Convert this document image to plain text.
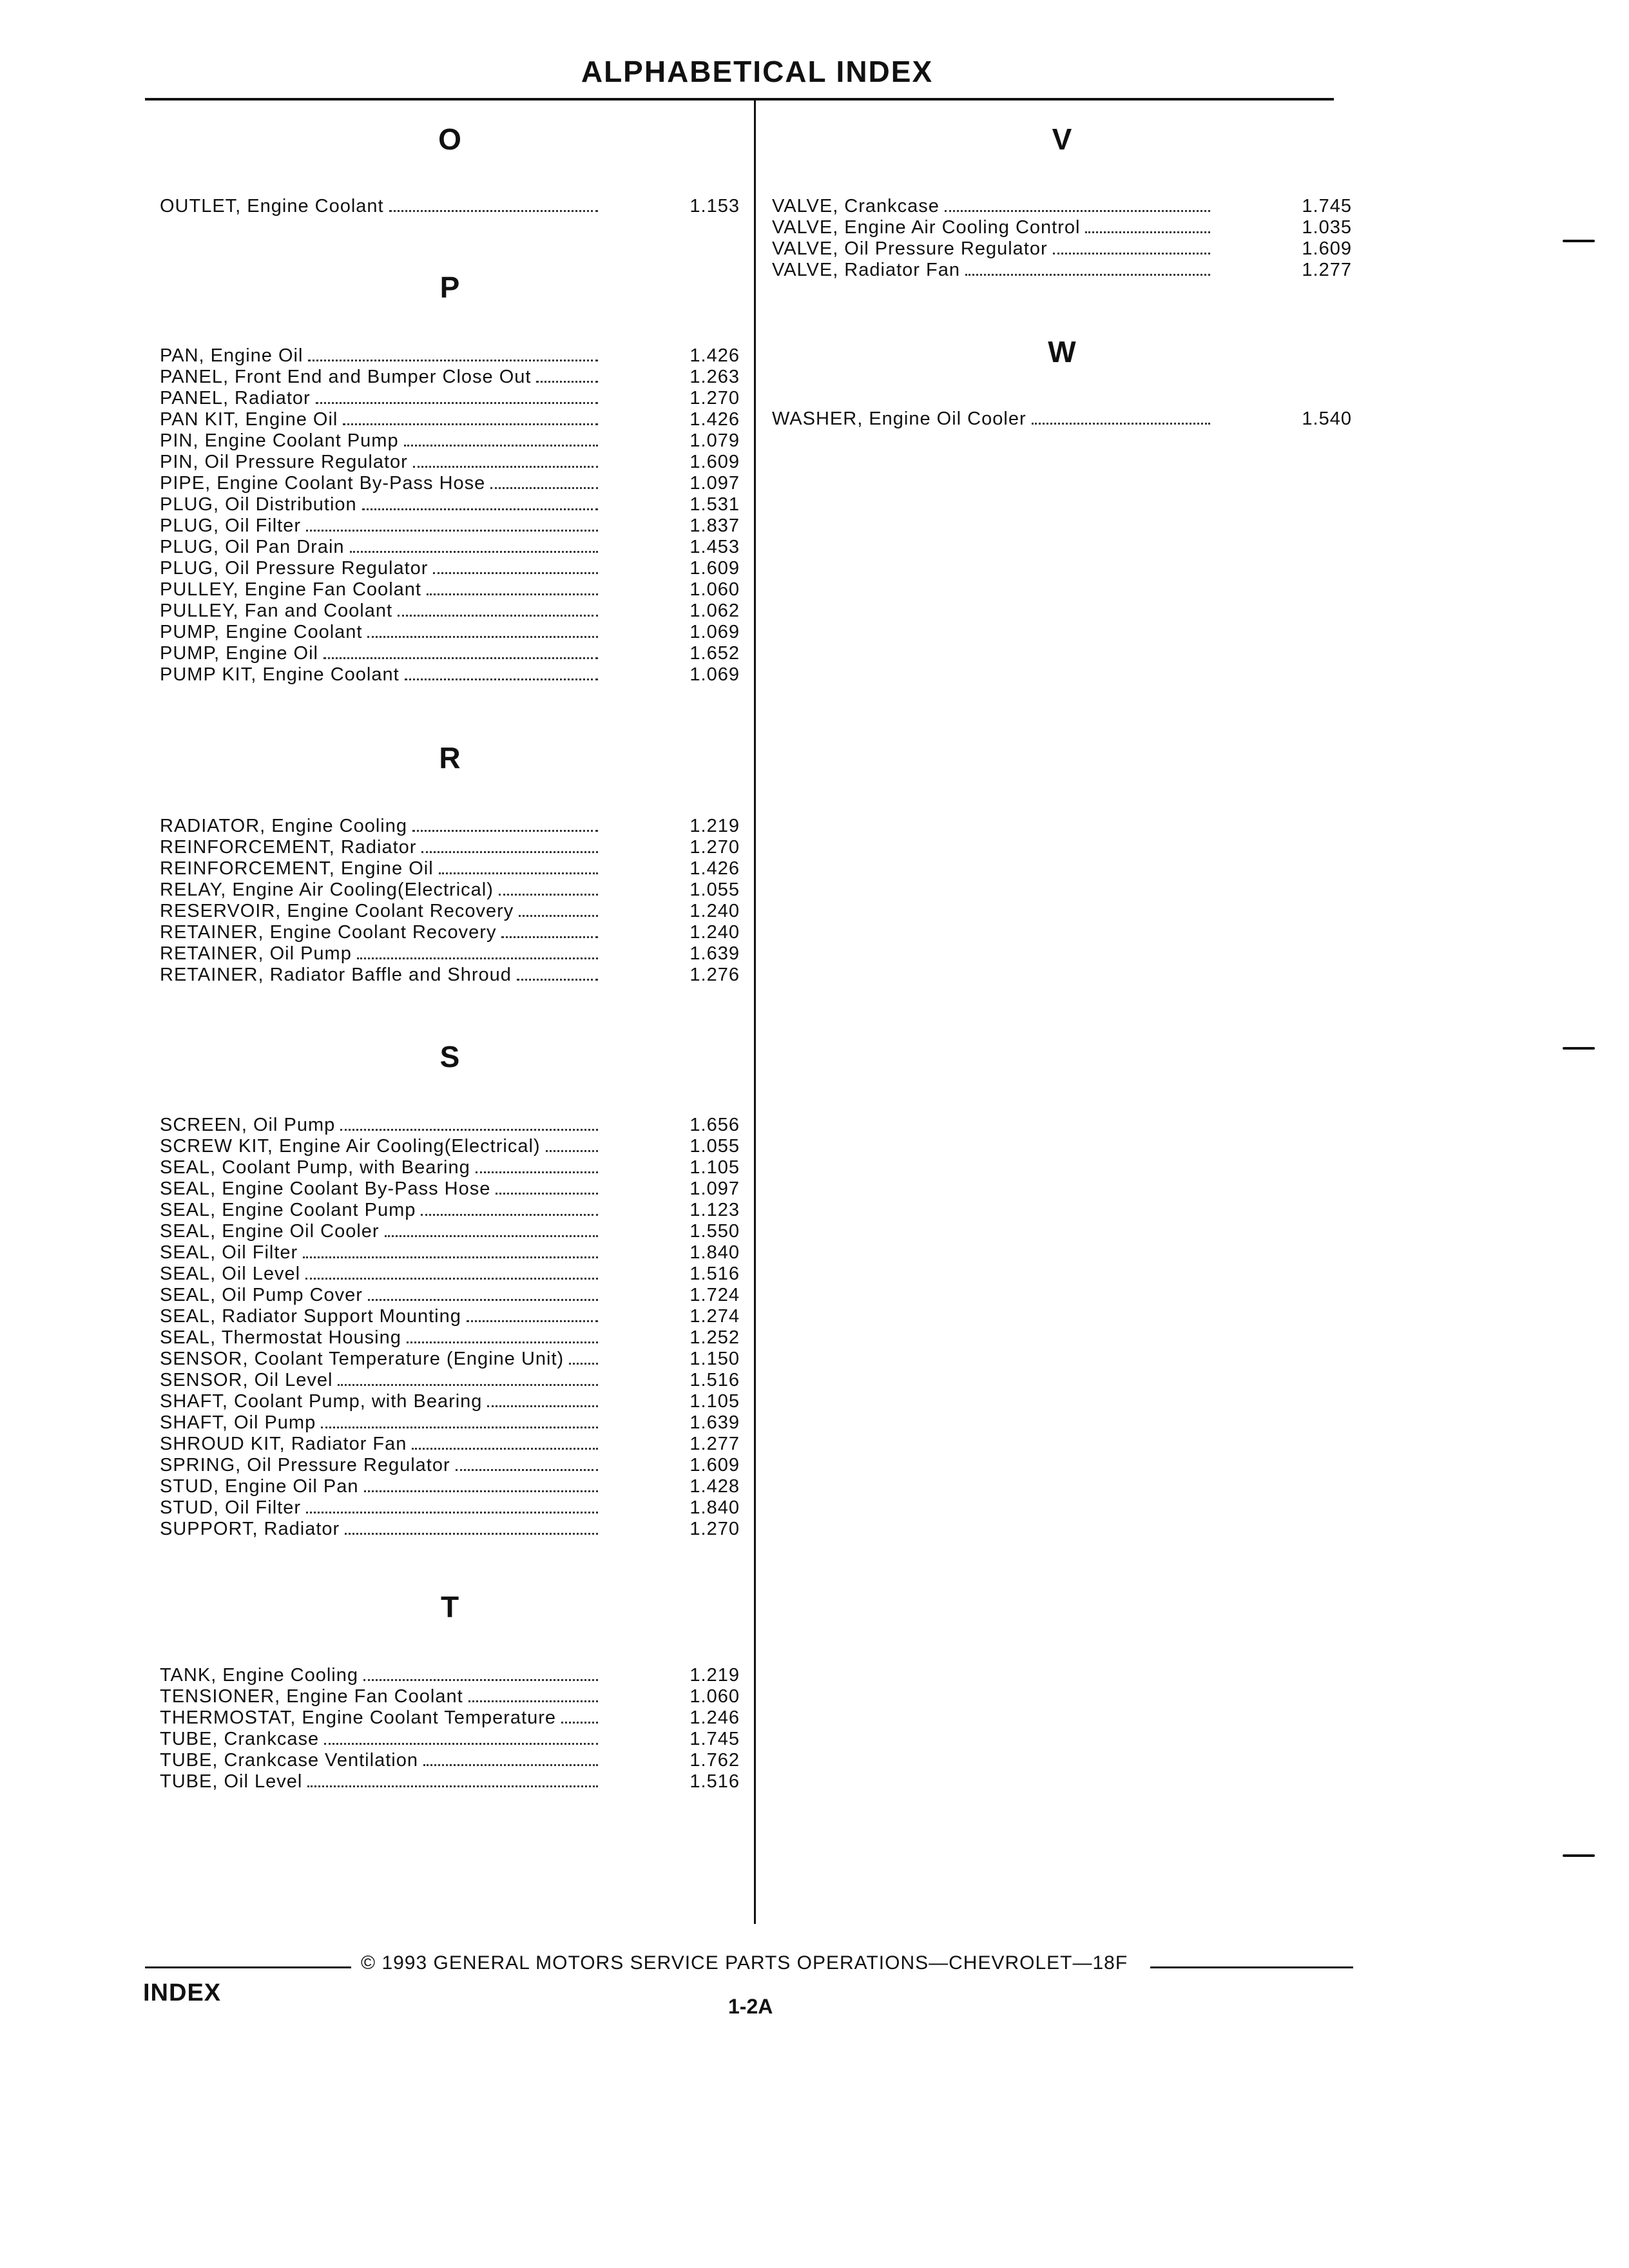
ALPHABETICAL INDEX
O
OUTLET, Engine Coolant	1.153
P
PAN, Engine Oil	1.426
PANEL, Front End and Bumper Close Out	1.263
PANEL, Radiator	1.270
PAN KIT, Engine Oil	1.426
PIN, Engine Coolant Pump	1.079
PIN, Oil Pressure Regulator	1.609
PIPE, Engine Coolant By-Pass Hose	1.097
PLUG, Oil Distribution	1.531
PLUG, Oil Filter	1.837
PLUG, Oil Pan Drain	1.453
PLUG, Oil Pressure Regulator	1.609
PULLEY, Engine Fan Coolant	1.060
PULLEY, Fan and Coolant	1.062
PUMP, Engine Coolant	1.069
PUMP, Engine Oil	1.652
PUMP KIT, Engine Coolant	1.069
R
RADIATOR, Engine Cooling	1.219
REINFORCEMENT, Radiator	1.270
REINFORCEMENT, Engine Oil	1.426
RELAY, Engine Air Cooling(Electrical)	1.055
RESERVOIR, Engine Coolant Recovery	1.240
RETAINER, Engine Coolant Recovery	1.240
RETAINER, Oil Pump	1.639
RETAINER, Radiator Baffle and Shroud	1.276
S
SCREEN, Oil Pump	1.656
SCREW KIT, Engine Air Cooling(Electrical)	1.055
SEAL, Coolant Pump, with Bearing	1.105
SEAL, Engine Coolant By-Pass Hose	1.097
SEAL, Engine Coolant Pump	1.123
SEAL, Engine Oil Cooler	1.550
SEAL, Oil Filter	1.840
SEAL, Oil Level	1.516
SEAL, Oil Pump Cover	1.724
SEAL, Radiator Support Mounting	1.274
SEAL, Thermostat Housing	1.252
SENSOR, Coolant Temperature (Engine Unit)	1.150
SENSOR, Oil Level	1.516
SHAFT, Coolant Pump, with Bearing	1.105
SHAFT, Oil Pump	1.639
SHROUD KIT, Radiator Fan	1.277
SPRING, Oil Pressure Regulator	1.609
STUD, Engine Oil Pan	1.428
STUD, Oil Filter	1.840
SUPPORT, Radiator	1.270
T
TANK, Engine Cooling	1.219
TENSIONER, Engine Fan Coolant	1.060
THERMOSTAT, Engine Coolant Temperature	1.246
TUBE, Crankcase	1.745
TUBE, Crankcase Ventilation	1.762
TUBE, Oil Level	1.516
V
VALVE, Crankcase	1.745
VALVE, Engine Air Cooling Control	1.035
VALVE, Oil Pressure Regulator	1.609
VALVE, Radiator Fan	1.277
W
WASHER, Engine Oil Cooler	1.540
© 1993 GENERAL MOTORS SERVICE PARTS OPERATIONS—CHEVROLET—18F
INDEX	1-2A
